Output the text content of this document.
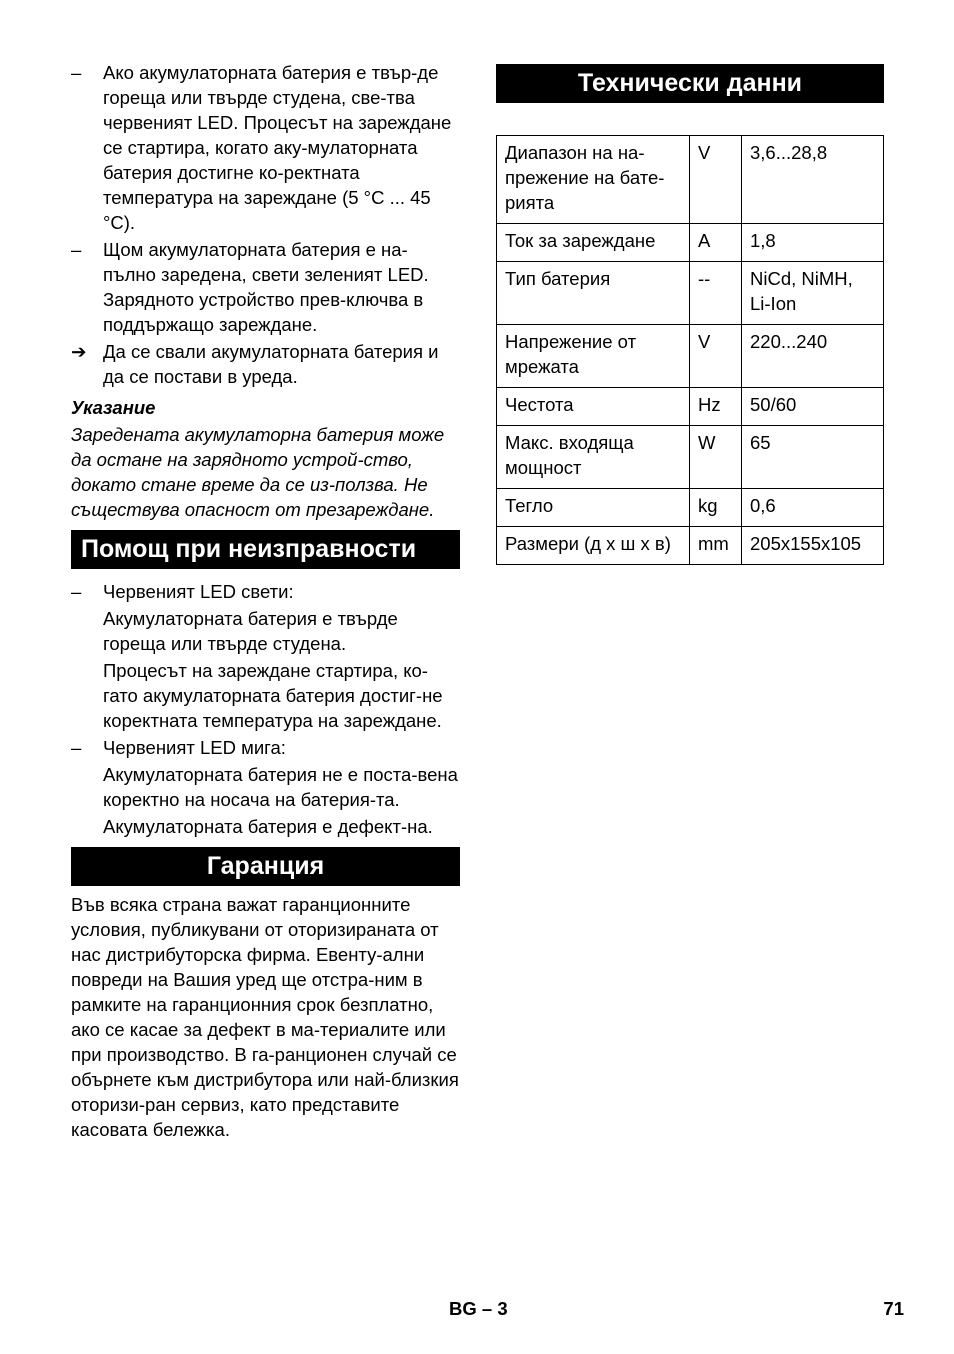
–	Ако акумулаторната батерия е твър-де гореща или твърде студена, све-тва червеният LED. Процесът на зареждане се стартира, когато аку-мулаторната батерия достигне ко-ректната температура на зареждане (5 °C ... 45 °C).

–	Щом акумулаторната батерия е на-пълно заредена, свети зеленият LED. Зарядното устройство прев-ключва в поддържащо зареждане.

➔ Да се свали акумулаторната батерия и да се постави в уреда.

Указание

Заредената акумулаторна батерия може да остане на зарядното устрой-ство, докато стане време да се из-ползва. Не съществува опасност от презареждане.

Помощ при неизправности

–	Червеният LED свети:

Акумулаторната батерия е твърде гореща или твърде студена.

Процесът на зареждане стартира, ко-гато акумулаторната батерия достиг-не коректната температура на зареждане.

–	Червеният LED мига:

Акумулаторната батерия не е поста-вена коректно на носача на батерия-та.

Акумулаторната батерия е дефект-на.

Гаранция

Във всяка страна важат гаранционните условия, публикувани от оторизираната от нас дистрибуторска фирма. Евенту-ални повреди на Вашия уред ще отстра-ним в рамките на гаранционния срок безплатно, ако се касае за дефект в ма-териалите или при производство. В га-ранционен случай се обърнете към дистрибутора или най-близкия оторизи-ран сервиз, като представите касовата бележка.

Технически данни
Диапазон на на-прежение на бате-рията	V	3,6...28,8
Ток за зареждане	A	1,8
Тип батерия	--	NiCd, NiMH, Li-Ion
Напрежение от мрежата	V	220...240
Честота	Hz	50/60
Макс. входяща мощност	W	65
Тегло	kg	0,6
Размери (д х ш х в)	mm	205x155x105
BG – 3	71
